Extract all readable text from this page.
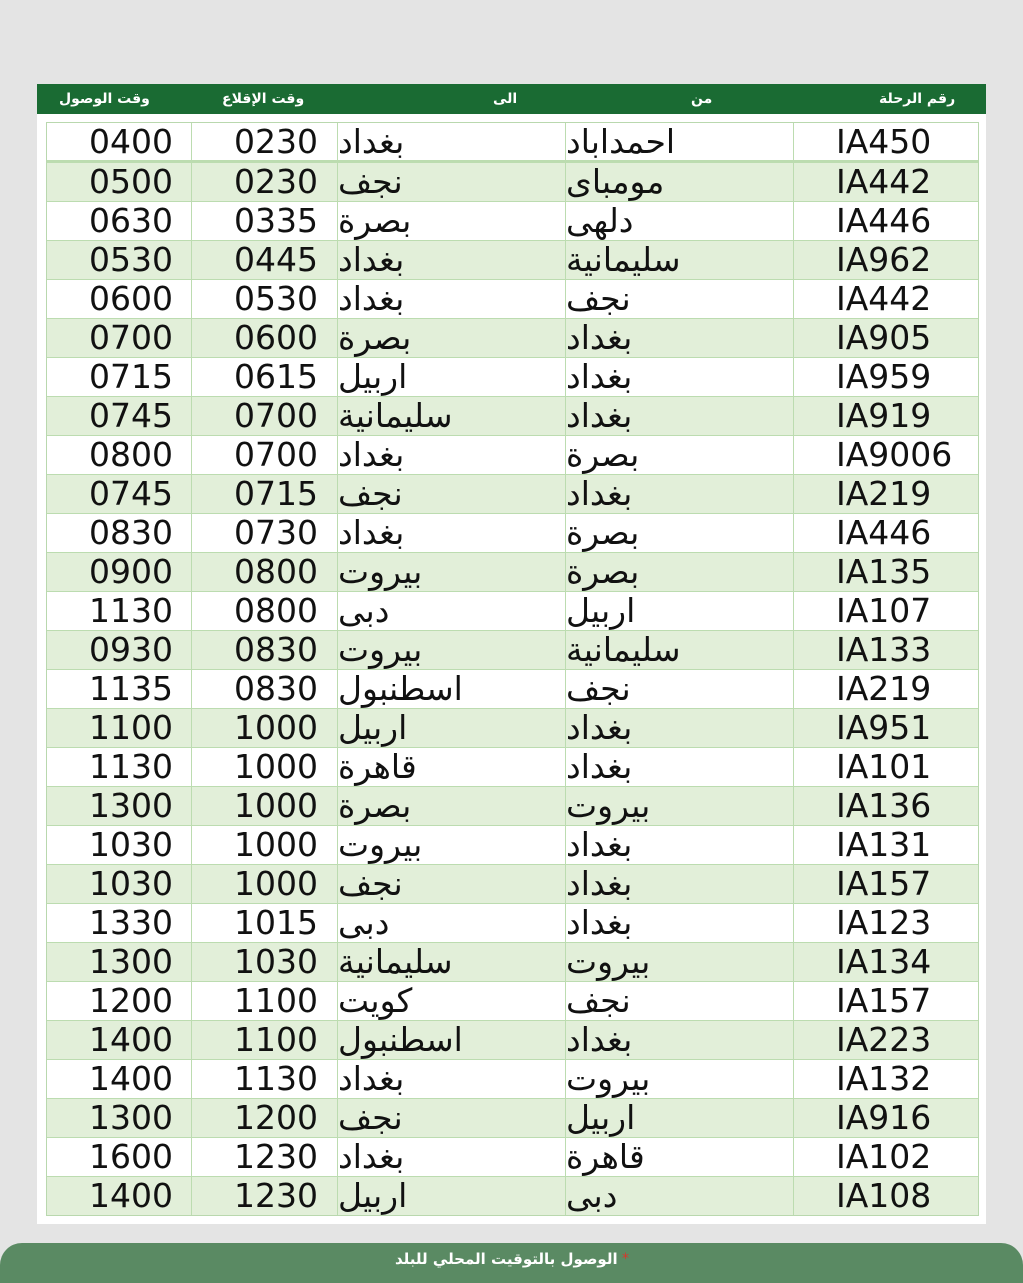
وقت الوصول	وقت الإقلاع	الى	من	رقم الرحلة
0400	0230 بغداد	احمداباد	IA450
0500	0230 نجف	مومباى	IA442
0630	0335 بصرة	دلهى	IA446
0530	0445 بغداد	سليمانية	IA962
0600	0530 بغداد	نجف	IA442
0700	0600 بصرة	بغداد	IA905
0715	0615 اربيل	بغداد	IA959
0745	0700 سليمانية	بغداد	IA919
0800	0700 بغداد	بصرة	IA9006
0745	0715 نجف	بغداد	IA219
0830	0730 بغداد	بصرة	IA446
0900	0800 بيروت	بصرة	IA135
1130	0800 دبى	اربيل	IA107
0930	0830 بيروت	سليمانية	IA133
1135	0830 اسطنبول	نجف	IA219
1100	1000 اربيل	بغداد	IA951
1130	1000 قاهرة	بغداد	IA101
1300	1000 بصرة	بيروت	IA136
1030	1000 بيروت	بغداد	IA131
1030	1000 نجف	بغداد	IA157
1330	1015 دبى	بغداد	IA123
1300	1030 سليمانية	بيروت	IA134
1200	1100 كويت	نجف	IA157
1400	1100 اسطنبول	بغداد	IA223
1400	1130 بغداد	بيروت	IA132
1300	1200 نجف	اربيل	IA916
1600	1230 بغداد	قاهرة	IA102
1400	1230 اربيل	دبى	IA108
*
الوصول بالتوقيت المحلي للبلد
